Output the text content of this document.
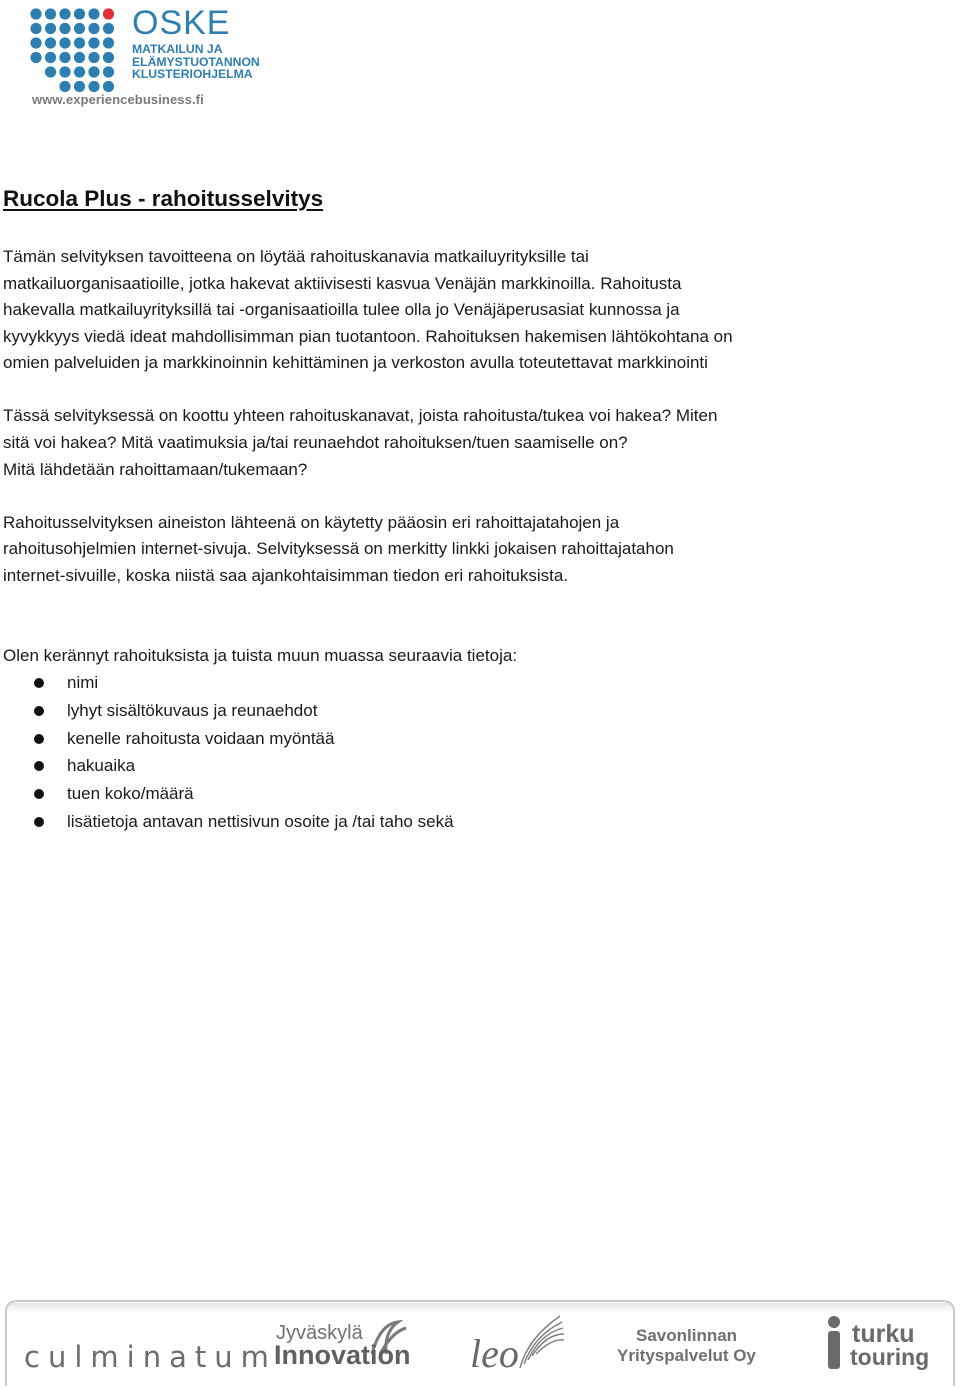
OSKE
MATKAILUN JA
ELÄMYSTUOTANNON
KLUSTERIOHJELMA
www.experiencebusiness.fi
Rucola Plus - rahoitusselvitys
Tämän selvityksen tavoitteena on löytää rahoituskanavia matkailuyrityksille tai
matkailuorganisaatioille, jotka hakevat aktiivisesti kasvua Venäjän markkinoilla. Rahoitusta
hakevalla matkailuyrityksillä tai -organisaatioilla tulee olla jo Venäjäperusasiat kunnossa ja
kyvykkyys viedä ideat mahdollisimman pian tuotantoon. Rahoituksen hakemisen lähtökohtana on
omien palveluiden ja markkinoinnin kehittäminen ja verkoston avulla toteutettavat markkinointi
Tässä selvityksessä on koottu yhteen rahoituskanavat, joista rahoitusta/tukea voi hakea? Miten
sitä voi hakea? Mitä vaatimuksia ja/tai reunaehdot rahoituksen/tuen saamiselle on?
Mitä lähdetään rahoittamaan/tukemaan?
Rahoitusselvityksen aineiston lähteenä on käytetty pääosin eri rahoittajatahojen ja
rahoitusohjelmien internet-sivuja. Selvityksessä on merkitty linkki jokaisen rahoittajatahon
internet-sivuille, koska niistä saa ajankohtaisimman tiedon eri rahoituksista.
Olen kerännyt rahoituksista ja tuista muun muassa seuraavia tietoja:
nimi
lyhyt sisältökuvaus ja reunaehdot
kenelle rahoitusta voidaan myöntää
hakuaika
tuen koko/määrä
lisätietoja antavan nettisivun osoite ja /tai taho sekä
culminatum
Jyväskylä
Innovation leo	Savonlinnan
Yrityspalvelut Oy
turku
touring
